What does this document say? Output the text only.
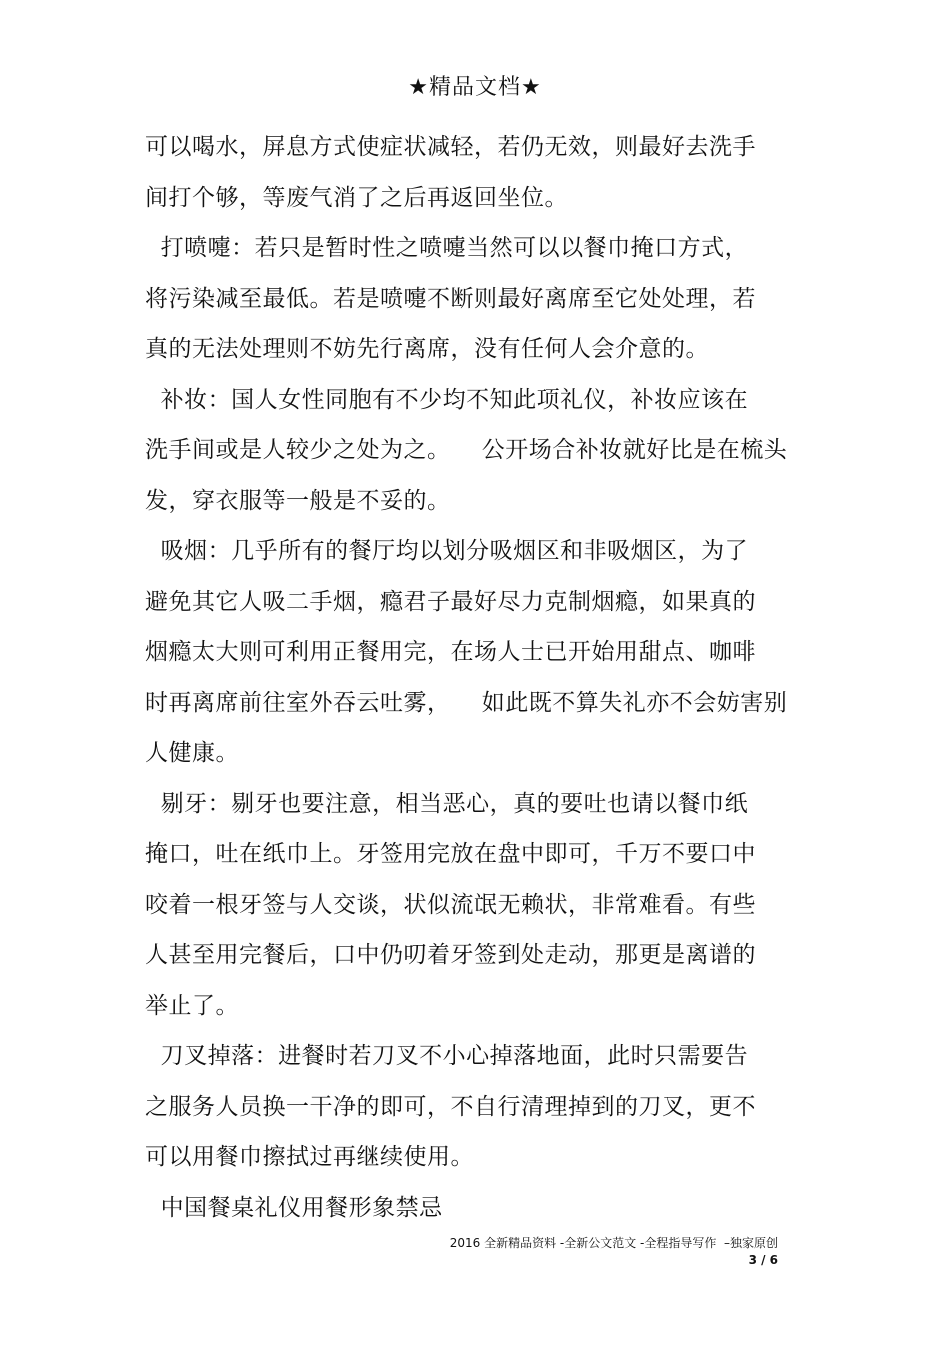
★精品文档★
可以喝水，屏息方式使症状减轻，若仍无效，则最好去洗手
间打个够，等废气消了之后再返回坐位。
打喷嚏：若只是暂时性之喷嚏当然可以以餐巾掩口方式，
将污染减至最低。若是喷嚏不断则最好离席至它处处理，若
真的无法处理则不妨先行离席，没有任何人会介意的。
补妆：国人女性同胞有不少均不知此项礼仪，补妆应该在
洗手间或是人较少之处为之。    公开场合补妆就好比是在梳头
发，穿衣服等一般是不妥的。
吸烟：几乎所有的餐厅均以划分吸烟区和非吸烟区，为了
避免其它人吸二手烟，瘾君子最好尽力克制烟瘾，如果真的
烟瘾太大则可利用正餐用完，在场人士已开始用甜点、咖啡
时再离席前往室外吞云吐雾，    如此既不算失礼亦不会妨害别
人健康。
剔牙：剔牙也要注意，相当恶心，真的要吐也请以餐巾纸
掩口，吐在纸巾上。牙签用完放在盘中即可，千万不要口中
咬着一根牙签与人交谈，状似流氓无赖状，非常难看。有些
人甚至用完餐后，口中仍叨着牙签到处走动，那更是离谱的
举止了。
刀叉掉落：进餐时若刀叉不小心掉落地面，此时只需要告
之服务人员换一干净的即可，不自行清理掉到的刀叉，更不
可以用餐巾擦拭过再继续使用。
中国餐桌礼仪用餐形象禁忌
2016 全新精品资料 -全新公文范文 -全程指导写作  –独家原创
3 / 6
